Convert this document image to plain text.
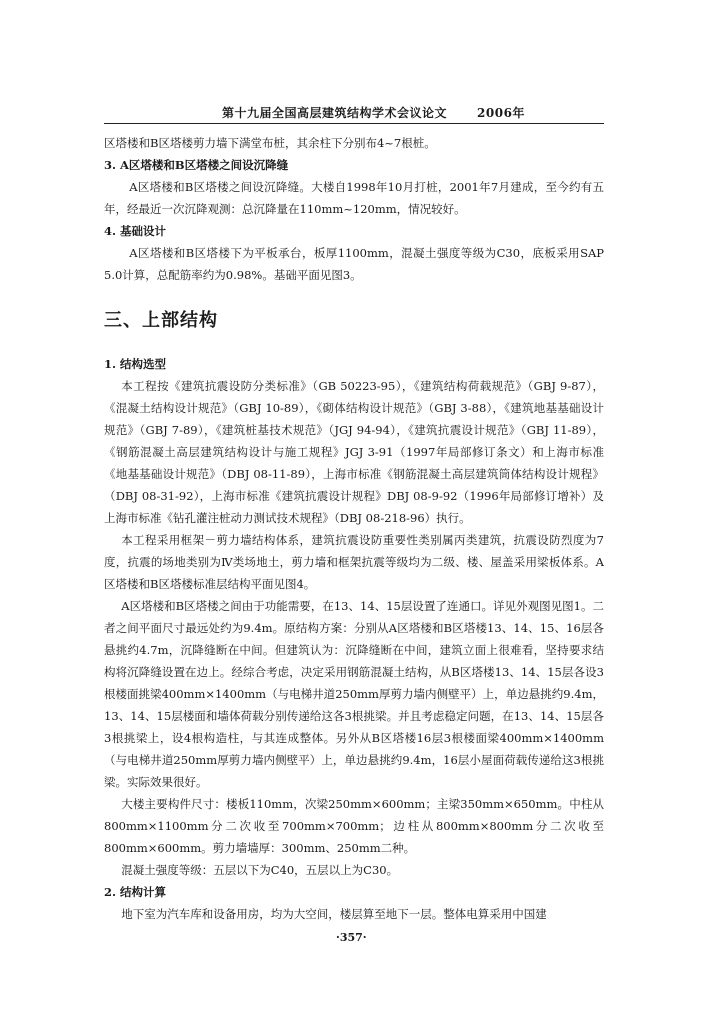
第十九届全国高层建筑结构学术会议论文	2006年

区塔楼和B区塔楼剪力墙下满堂布桩，其余柱下分别布4~7根桩。

3. A区塔楼和B区塔楼之间设沉降缝

A区塔楼和B区塔楼之间设沉降缝。大楼自1998年10月打桩，2001年7月建成，至今约有五年，经最近一次沉降观测：总沉降量在110mm~120mm，情况较好。

4. 基础设计

A区塔楼和B区塔楼下为平板承台，板厚1100mm，混凝土强度等级为C30，底板采用SAP 5.0计算，总配筋率约为0.98%。基础平面见图3。

三、上部结构

1. 结构选型

本工程按《建筑抗震设防分类标准》（GB 50223-95），《建筑结构荷载规范》（GBJ 9-87），《混凝土结构设计规范》（GBJ 10-89），《砌体结构设计规范》（GBJ 3-88），《建筑地基基础设计规范》（GBJ 7-89），《建筑桩基技术规范》（JGJ 94-94），《建筑抗震设计规范》（GBJ 11-89），《钢筋混凝土高层建筑结构设计与施工规程》JGJ 3-91（1997年局部修订条文）和上海市标准《地基基础设计规范》（DBJ 08-11-89），上海市标准《钢筋混凝土高层建筑筒体结构设计规程》（DBJ 08-31-92），上海市标准《建筑抗震设计规程》DBJ 08-9-92（1996年局部修订增补）及上海市标准《钻孔灌注桩动力测试技术规程》（DBJ 08-218-96）执行。

本工程采用框架－剪力墙结构体系，建筑抗震设防重要性类别属丙类建筑，抗震设防烈度为7度，抗震的场地类别为Ⅳ类场地土，剪力墙和框架抗震等级均为二级、楼、屋盖采用梁板体系。A区塔楼和B区塔楼标准层结构平面见图4。

A区塔楼和B区塔楼之间由于功能需要，在13、14、15层设置了连通口。详见外观图见图1。二者之间平面尺寸最远处约为9.4m。原结构方案：分别从A区塔楼和B区塔楼13、14、15、16层各悬挑约4.7m，沉降缝断在中间。但建筑认为：沉降缝断在中间，建筑立面上很难看，坚持要求结构将沉降缝设置在边上。经综合考虑，决定采用钢筋混凝土结构，从B区塔楼13、14、15层各设3根楼面挑梁400mm×1400mm（与电梯井道250mm厚剪力墙内侧壁平）上，单边悬挑约9.4m，13、14、15层楼面和墙体荷载分别传递给这各3根挑梁。并且考虑稳定问题，在13、14、15层各3根挑梁上，设4根构造柱，与其连成整体。另外从B区塔楼16层3根楼面梁400mm×1400mm（与电梯井道250mm厚剪力墙内侧壁平）上，单边悬挑约9.4m，16层小屋面荷载传递给这3根挑梁。实际效果很好。

大楼主要构件尺寸：楼板110mm，次梁250mm×600mm；主梁350mm×650mm。中柱从800mm×1100mm分二次收至700mm×700mm；边柱从800mm×800mm分二次收至800mm×600mm。剪力墙墙厚：300mm、250mm二种。

混凝土强度等级：五层以下为C40，五层以上为C30。

2. 结构计算

地下室为汽车库和设备用房，均为大空间，楼层算至地下一层。整体电算采用中国建

·357·
